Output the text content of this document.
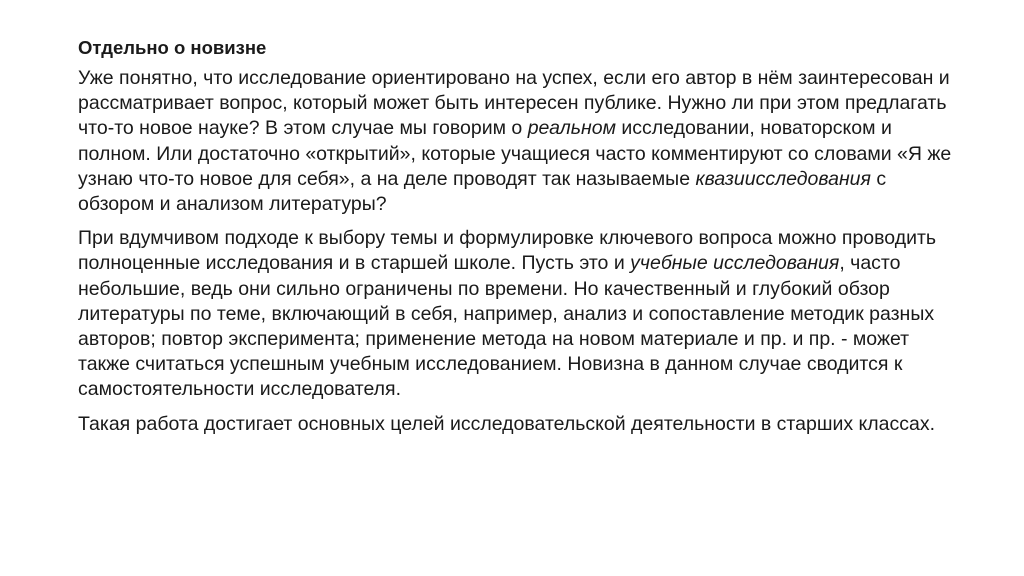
Отдельно о новизне

Уже понятно, что исследование ориентировано на успех, если его автор в нём заинтересован и рассматривает вопрос, который может быть интересен публике. Нужно ли при этом предлагать что-то новое науке? В этом случае мы говорим о реальном исследовании, новаторском и полном. Или достаточно «открытий», которые учащиеся часто комментируют со словами «Я же узнаю что-то новое для себя», а на деле проводят так называемые квазиисследования с обзором и анализом литературы?

При вдумчивом подходе к выбору темы и формулировке ключевого вопроса можно проводить полноценные исследования и в старшей школе. Пусть это и учебные исследования, часто небольшие, ведь они сильно ограничены по времени. Но качественный и глубокий обзор литературы по теме, включающий в себя, например, анализ и сопоставление методик разных авторов; повтор эксперимента; применение метода на новом материале и пр. и пр. - может также считаться успешным учебным исследованием. Новизна в данном случае сводится к самостоятельности исследователя.

Такая работа достигает основных целей исследовательской деятельности в старших классах.
